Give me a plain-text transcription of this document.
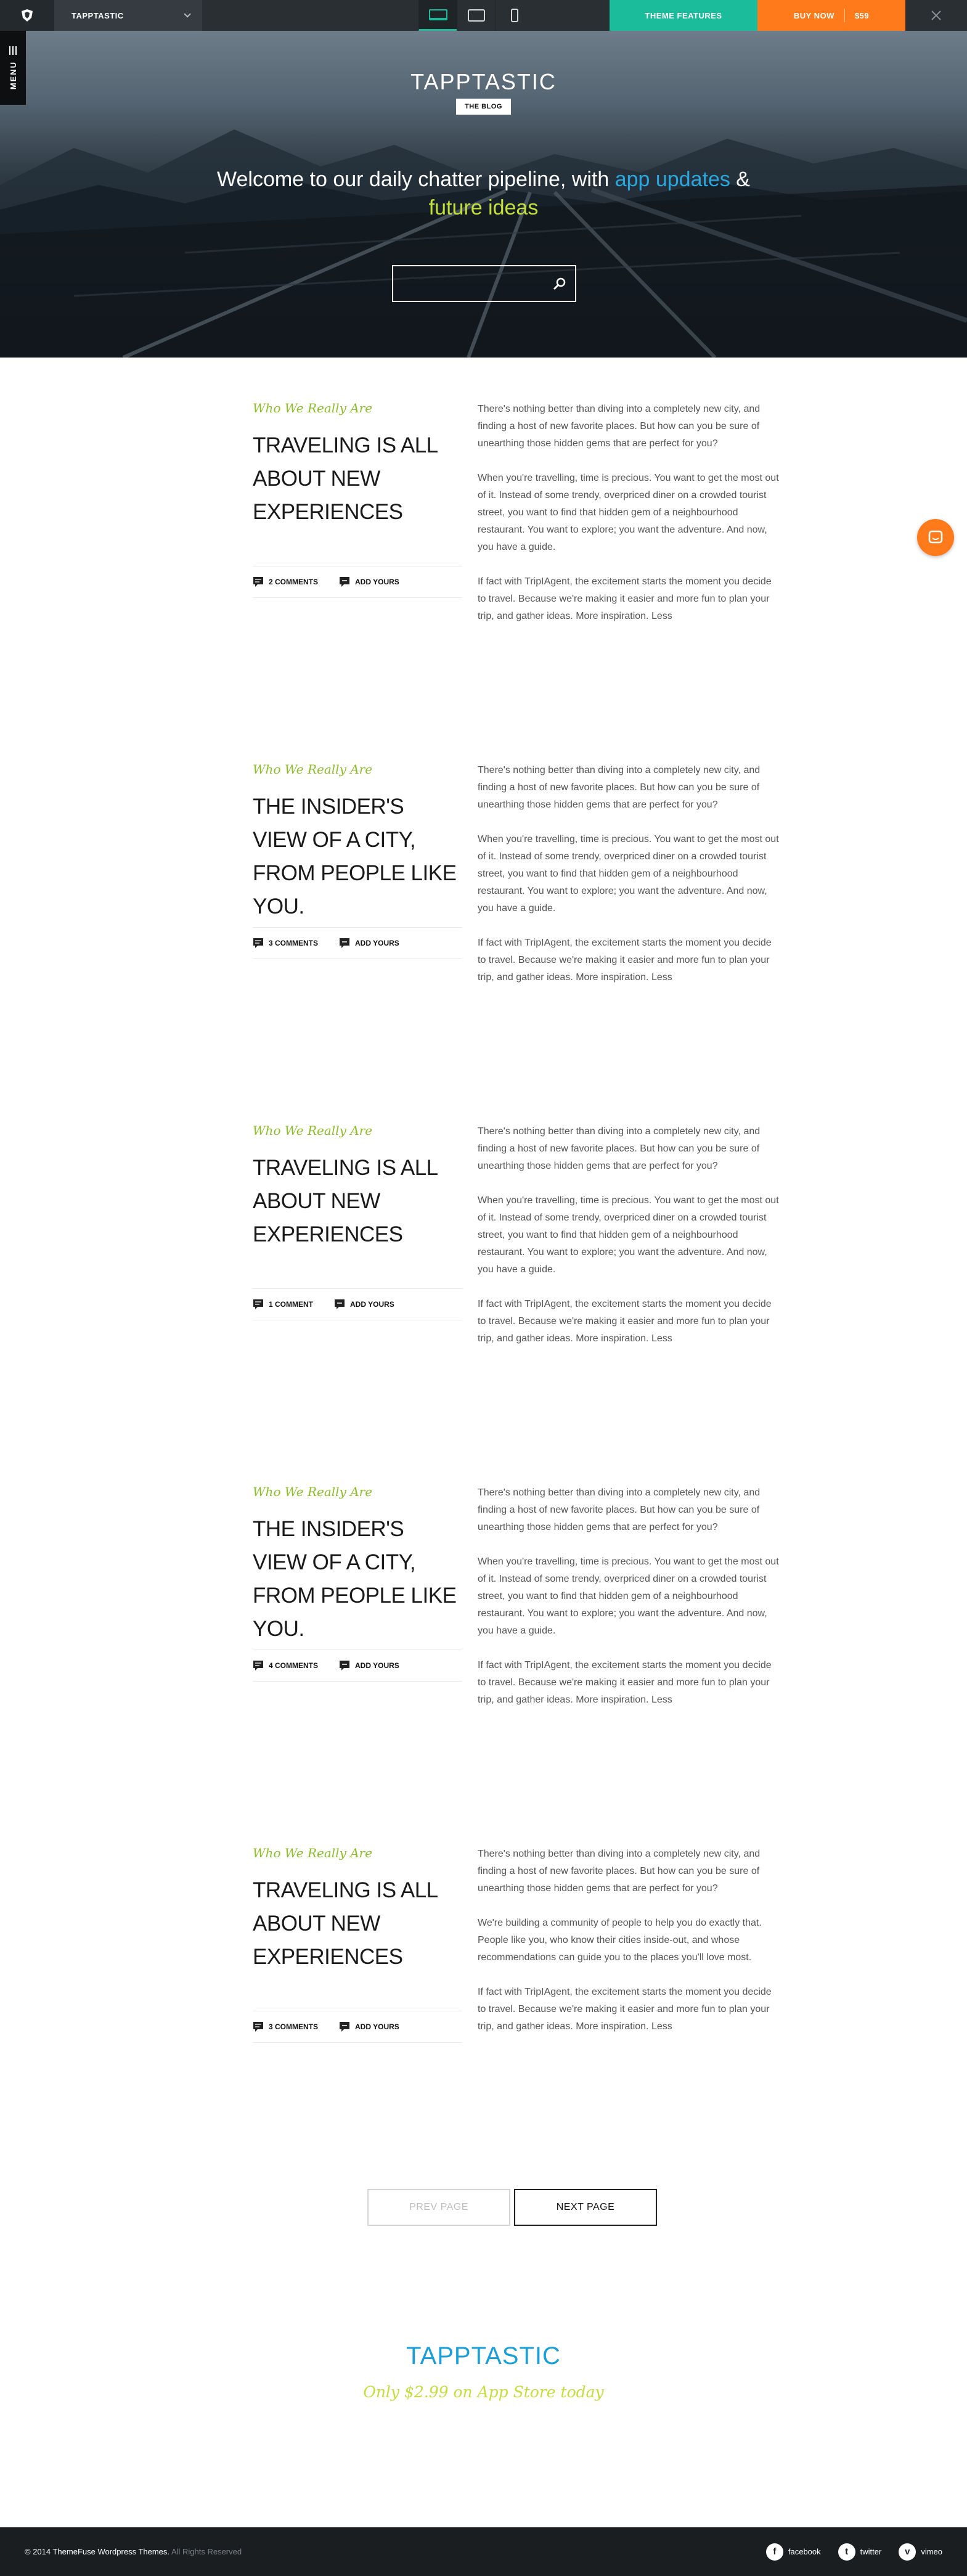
TAPPTASTIC	THEME FEATURES	BUY NOW	$59
MENU	TAPPTASTIC
THE BLOG
Welcome to our daily chatter pipeline, with app updates &
future ideas
Who We Really Are
TRAVELING IS ALL ABOUT NEW EXPERIENCES
2 COMMENTS	ADD YOURS

There's nothing better than diving into a completely new city, and finding a host of new favorite places. But how can you be sure of unearthing those hidden gems that are perfect for you?

When you're travelling, time is precious. You want to get the most out of it. Instead of some trendy, overpriced diner on a crowded tourist street, you want to find that hidden gem of a neighbourhood restaurant. You want to explore; you want the adventure. And now, you have a guide.

If fact with TripIAgent, the excitement starts the moment you decide to travel. Because we're making it easier and more fun to plan your trip, and gather ideas. More inspiration. Less

Who We Really Are
THE INSIDER'S VIEW OF A CITY, FROM PEOPLE LIKE YOU.
3 COMMENTS	ADD YOURS

There's nothing better than diving into a completely new city, and finding a host of new favorite places. But how can you be sure of unearthing those hidden gems that are perfect for you?

When you're travelling, time is precious. You want to get the most out of it. Instead of some trendy, overpriced diner on a crowded tourist street, you want to find that hidden gem of a neighbourhood restaurant. You want to explore; you want the adventure. And now, you have a guide.

If fact with TripIAgent, the excitement starts the moment you decide to travel. Because we're making it easier and more fun to plan your trip, and gather ideas. More inspiration. Less

Who We Really Are
TRAVELING IS ALL ABOUT NEW EXPERIENCES
1 COMMENT	ADD YOURS

There's nothing better than diving into a completely new city, and finding a host of new favorite places. But how can you be sure of unearthing those hidden gems that are perfect for you?

When you're travelling, time is precious. You want to get the most out of it. Instead of some trendy, overpriced diner on a crowded tourist street, you want to find that hidden gem of a neighbourhood restaurant. You want to explore; you want the adventure. And now, you have a guide.

If fact with TripIAgent, the excitement starts the moment you decide to travel. Because we're making it easier and more fun to plan your trip, and gather ideas. More inspiration. Less

Who We Really Are
THE INSIDER'S VIEW OF A CITY, FROM PEOPLE LIKE YOU.
4 COMMENTS	ADD YOURS

There's nothing better than diving into a completely new city, and finding a host of new favorite places. But how can you be sure of unearthing those hidden gems that are perfect for you?

When you're travelling, time is precious. You want to get the most out of it. Instead of some trendy, overpriced diner on a crowded tourist street, you want to find that hidden gem of a neighbourhood restaurant. You want to explore; you want the adventure. And now, you have a guide.

If fact with TripIAgent, the excitement starts the moment you decide to travel. Because we're making it easier and more fun to plan your trip, and gather ideas. More inspiration. Less

Who We Really Are
TRAVELING IS ALL ABOUT NEW EXPERIENCES
3 COMMENTS	ADD YOURS

There's nothing better than diving into a completely new city, and finding a host of new favorite places. But how can you be sure of unearthing those hidden gems that are perfect for you?

We're building a community of people to help you do exactly that. People like you, who know their cities inside-out, and whose recommendations can guide you to the places you'll love most.

If fact with TripIAgent, the excitement starts the moment you decide to travel. Because we're making it easier and more fun to plan your trip, and gather ideas. More inspiration. Less

PREV PAGE	NEXT PAGE
TAPPTASTIC
Only $2.99 on App Store today
© 2014 ThemeFuse Wordpress Themes. All Rights Reserved	f	facebook	t	twitter	v	vimeo
